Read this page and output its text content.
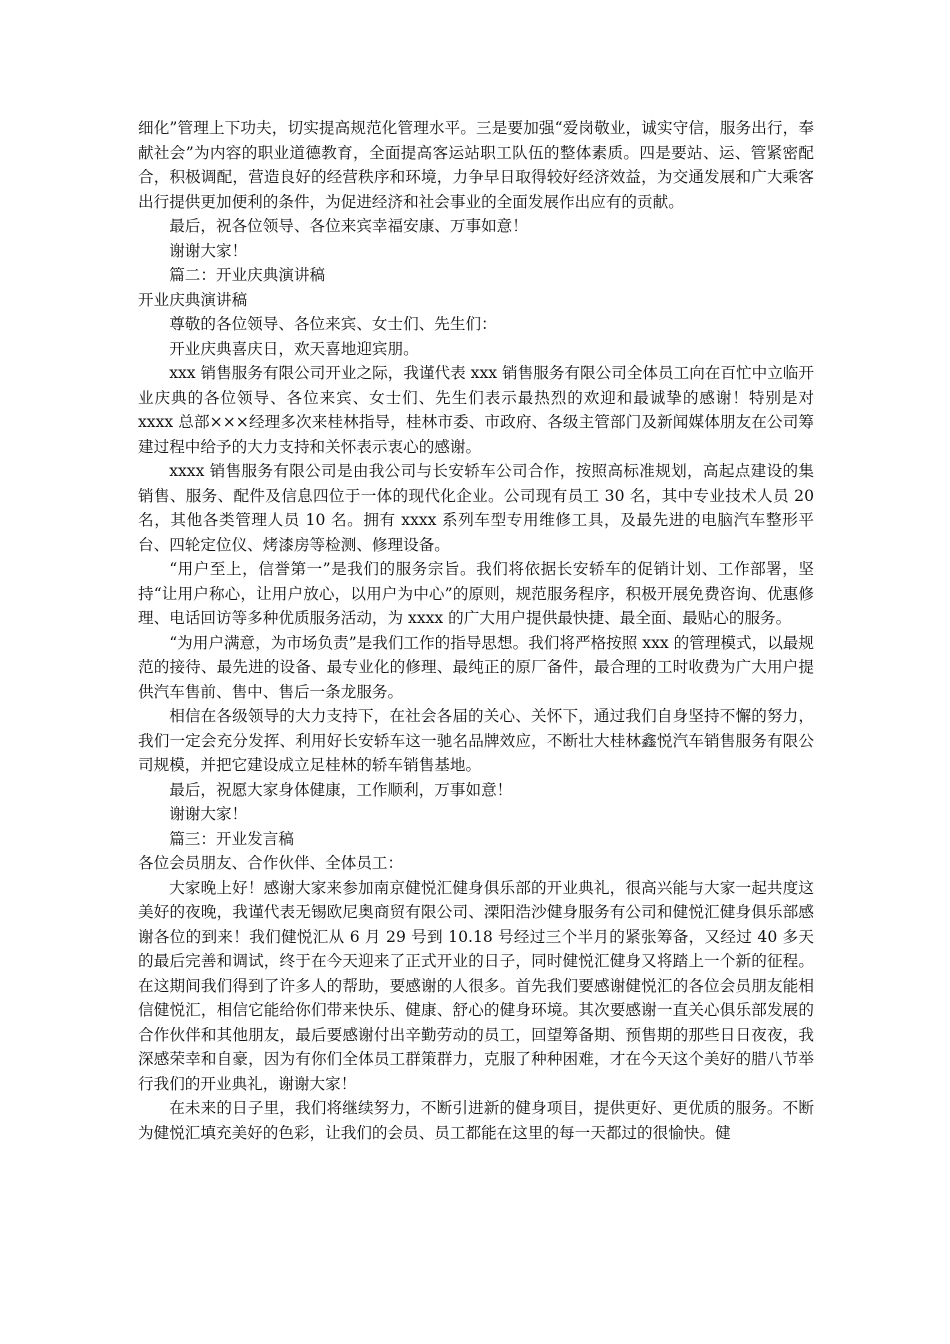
细化”管理上下功夫，切实提高规范化管理水平。三是要加强“爱岗敬业，诚实守信，服务出行，奉献社会”为内容的职业道德教育，全面提高客运站职工队伍的整体素质。四是要站、运、管紧密配合，积极调配，营造良好的经营秩序和环境，力争早日取得较好经济效益，为交通发展和广大乘客出行提供更加便利的条件，为促进经济和社会事业的全面发展作出应有的贡献。

最后，祝各位领导、各位来宾幸福安康、万事如意！

谢谢大家！

篇二：开业庆典演讲稿

开业庆典演讲稿

尊敬的各位领导、各位来宾、女士们、先生们：

开业庆典喜庆日，欢天喜地迎宾朋。

xxx 销售服务有限公司开业之际，我谨代表 xxx 销售服务有限公司全体员工向在百忙中立临开业庆典的各位领导、各位来宾、女士们、先生们表示最热烈的欢迎和最诚挚的感谢！特别是对 xxxx 总部×××经理多次来桂林指导，桂林市委、市政府、各级主管部门及新闻媒体朋友在公司筹建过程中给予的大力支持和关怀表示衷心的感谢。

xxxx 销售服务有限公司是由我公司与长安轿车公司合作，按照高标准规划，高起点建设的集销售、服务、配件及信息四位于一体的现代化企业。公司现有员工 30 名，其中专业技术人员 20 名，其他各类管理人员 10 名。拥有 xxxx 系列车型专用维修工具，及最先进的电脑汽车整形平台、四轮定位仪、烤漆房等检测、修理设备。

“用户至上，信誉第一”是我们的服务宗旨。我们将依据长安轿车的促销计划、工作部署，坚持“让用户称心，让用户放心，以用户为中心”的原则，规范服务程序，积极开展免费咨询、优惠修理、电话回访等多种优质服务活动，为 xxxx 的广大用户提供最快捷、最全面、最贴心的服务。

“为用户满意，为市场负责”是我们工作的指导思想。我们将严格按照 xxx 的管理模式，以最规范的接待、最先进的设备、最专业化的修理、最纯正的原厂备件，最合理的工时收费为广大用户提供汽车售前、售中、售后一条龙服务。

相信在各级领导的大力支持下，在社会各届的关心、关怀下，通过我们自身坚持不懈的努力，我们一定会充分发挥、利用好长安轿车这一驰名品牌效应，不断壮大桂林鑫悦汽车销售服务有限公司规模，并把它建设成立足桂林的轿车销售基地。

最后，祝愿大家身体健康，工作顺利，万事如意！

谢谢大家！

篇三：开业发言稿

各位会员朋友、合作伙伴、全体员工：

大家晚上好！感谢大家来参加南京健悦汇健身俱乐部的开业典礼，很高兴能与大家一起共度这美好的夜晚，我谨代表无锡欧尼奥商贸有限公司、溧阳浩沙健身服务有公司和健悦汇健身俱乐部感谢各位的到来！我们健悦汇从 6 月 29 号到 10.18 号经过三个半月的紧张筹备，又经过 40 多天的最后完善和调试，终于在今天迎来了正式开业的日子，同时健悦汇健身又将踏上一个新的征程。在这期间我们得到了许多人的帮助，要感谢的人很多。首先我们要感谢健悦汇的各位会员朋友能相信健悦汇，相信它能给你们带来快乐、健康、舒心的健身环境。其次要感谢一直关心俱乐部发展的合作伙伴和其他朋友，最后要感谢付出辛勤劳动的员工，回望筹备期、预售期的那些日日夜夜，我深感荣幸和自豪，因为有你们全体员工群策群力，克服了种种困难，才在今天这个美好的腊八节举行我们的开业典礼，谢谢大家！

在未来的日子里，我们将继续努力，不断引进新的健身项目，提供更好、更优质的服务。不断为健悦汇填充美好的色彩，让我们的会员、员工都能在这里的每一天都过的很愉快。健
